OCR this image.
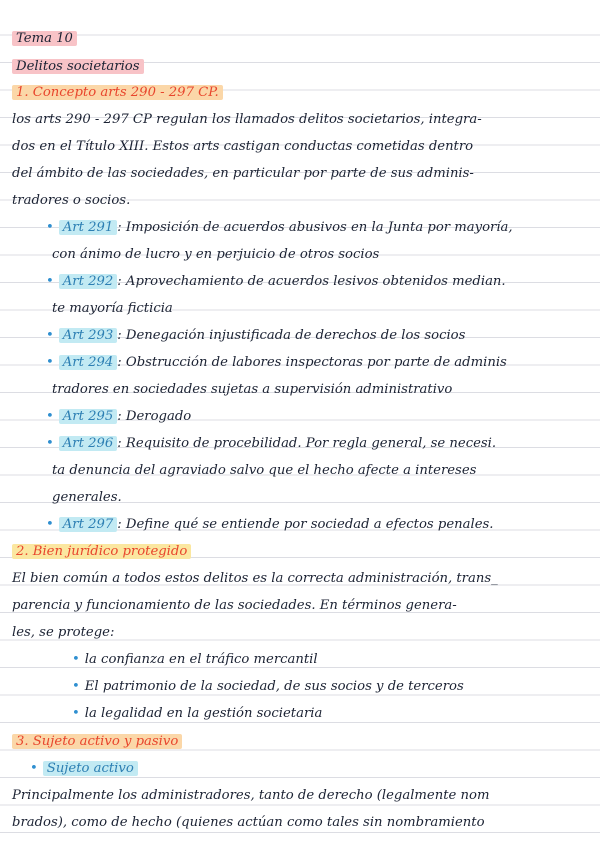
Tema 10
Delitos societarios
1. Concepto arts 290 - 297 CP.
los arts 290 - 297 CP regulan los llamados delitos societarios, integra-
dos en el Título XIII. Estos arts castigan conductas cometidas dentro
del ámbito de las sociedades, en particular por parte de sus adminis-
tradores o socios.
• Art 291 : Imposición de acuerdos abusivos en la Junta por mayoría,
con ánimo de lucro y en perjuicio de otros socios
• Art 292 : Aprovechamiento de acuerdos lesivos obtenidos median.
te mayoría ficticia
• Art 293 : Denegación injustificada de derechos de los socios
• Art 294 : Obstrucción de labores inspectoras por parte de adminis
tradores en sociedades sujetas a supervisión administrativo
• Art 295 : Derogado
• Art 296 : Requisito de procebilidad. Por regla general, se necesi.
ta denuncia del agraviado salvo que el hecho afecte a intereses
generales.
• Art 297 : Define qué se entiende por sociedad a efectos penales.
2. Bien jurídico protegido
El bien común a todos estos delitos es la correcta administración, trans_
parencia y funcionamiento de las sociedades. En términos genera-
les, se protege:
• la confianza en el tráfico mercantil
• El patrimonio de la sociedad, de sus socios y de terceros
• la legalidad en la gestión societaria
3. Sujeto activo y pasivo
• Sujeto activo
Principalmente los administradores, tanto de derecho (legalmente nom
brados), como de hecho (quienes actúan como tales sin nombramiento
